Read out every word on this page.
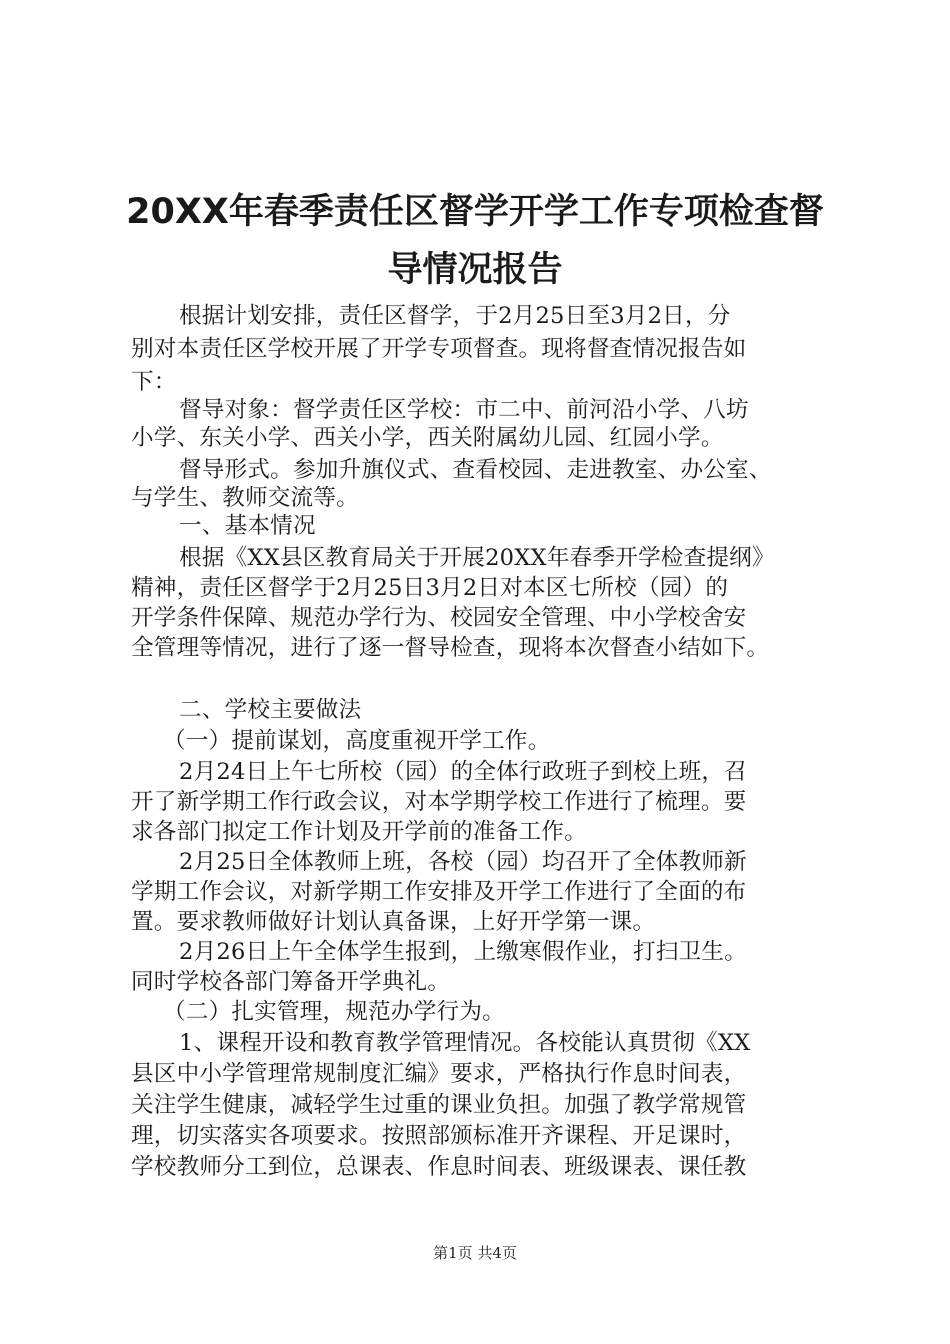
20XX年春季责任区督学开学工作专项检查督
导情况报告
根据计划安排，责任区督学，于2月25日至3月2日，分
别对本责任区学校开展了开学专项督查。现将督查情况报告如
下：
督导对象：督学责任区学校：市二中、前河沿小学、八坊
小学、东关小学、西关小学，西关附属幼儿园、红园小学。
督导形式。参加升旗仪式、查看校园、走进教室、办公室、
与学生、教师交流等。
一、基本情况
根据《XX县区教育局关于开展20XX年春季开学检查提纲》
精神，责任区督学于2月25日3月2日对本区七所校（园）的
开学条件保障、规范办学行为、校园安全管理、中小学校舍安
全管理等情况，进行了逐一督导检查，现将本次督查小结如下。
二、学校主要做法
（一）提前谋划，高度重视开学工作。
2月24日上午七所校（园）的全体行政班子到校上班，召
开了新学期工作行政会议，对本学期学校工作进行了梳理。要
求各部门拟定工作计划及开学前的准备工作。
2月25日全体教师上班，各校（园）均召开了全体教师新
学期工作会议，对新学期工作安排及开学工作进行了全面的布
置。要求教师做好计划认真备课，上好开学第一课。
2月26日上午全体学生报到，上缴寒假作业，打扫卫生。
同时学校各部门筹备开学典礼。
（二）扎实管理，规范办学行为。
1、课程开设和教育教学管理情况。各校能认真贯彻《XX
县区中小学管理常规制度汇编》要求，严格执行作息时间表，
关注学生健康，减轻学生过重的课业负担。加强了教学常规管
理，切实落实各项要求。按照部颁标准开齐课程、开足课时，
学校教师分工到位，总课表、作息时间表、班级课表、课任教
第1页 共4页
